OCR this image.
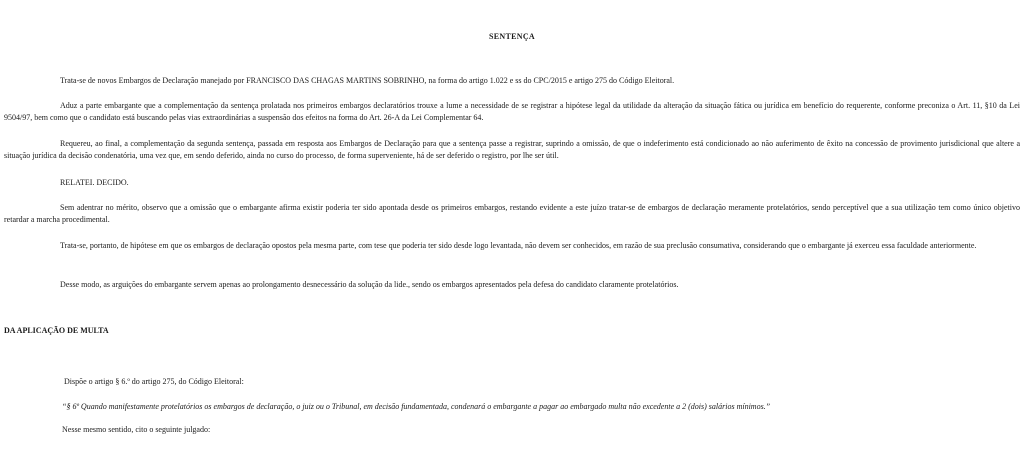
SENTENÇA

Trata-se de novos Embargos de Declaração manejado por FRANCISCO DAS CHAGAS MARTINS SOBRINHO, na forma do artigo 1.022 e ss do CPC/2015 e artigo 275 do Código Eleitoral.

Aduz a parte embargante que a complementação da sentença prolatada nos primeiros embargos declaratórios trouxe a lume a necessidade de se registrar a hipótese legal da utilidade da alteração da situação fática ou jurídica em benefício do requerente, conforme preconiza o Art. 11, §10 da Lei 9504/97, bem como que o candidato está buscando pelas vias extraordinárias a suspensão dos efeitos na forma do Art. 26-A da Lei Complementar 64.

Requereu, ao final, a complementação da segunda sentença, passada em resposta aos Embargos de Declaração para que a sentença passe a registrar, suprindo a omissão, de que o indeferimento está condicionado ao não auferimento de êxito na concessão de provimento jurisdicional que altere a situação jurídica da decisão condenatória, uma vez que, em sendo deferido, ainda no curso do processo, de forma superveniente, há de ser deferido o registro, por lhe ser útil.

RELATEI. DECIDO.

Sem adentrar no mérito, observo que a omissão que o embargante afirma existir poderia ter sido apontada desde os primeiros embargos, restando evidente a este juízo tratar-se de embargos de declaração meramente protelatórios, sendo perceptível que a sua utilização tem como único objetivo retardar a marcha procedimental.

Trata-se, portanto, de hipótese em que os embargos de declaração opostos pela mesma parte, com tese que poderia ter sido desde logo levantada, não devem ser conhecidos, em razão de sua preclusão consumativa, considerando que o embargante já exerceu essa faculdade anteriormente.

Desse modo, as arguições do embargante servem apenas ao prolongamento desnecessário da solução da lide., sendo os embargos apresentados pela defesa do candidato claramente protelatórios.

DA APLICAÇÃO DE MULTA

Dispõe o artigo § 6.º do artigo 275, do Código Eleitoral:

“§ 6º Quando manifestamente protelatórios os embargos de declaração, o juiz ou o Tribunal, em decisão fundamentada, condenará o embargante a pagar ao embargado multa não excedente a 2 (dois) salários mínimos.”

Nesse mesmo sentido, cito o seguinte julgado:
